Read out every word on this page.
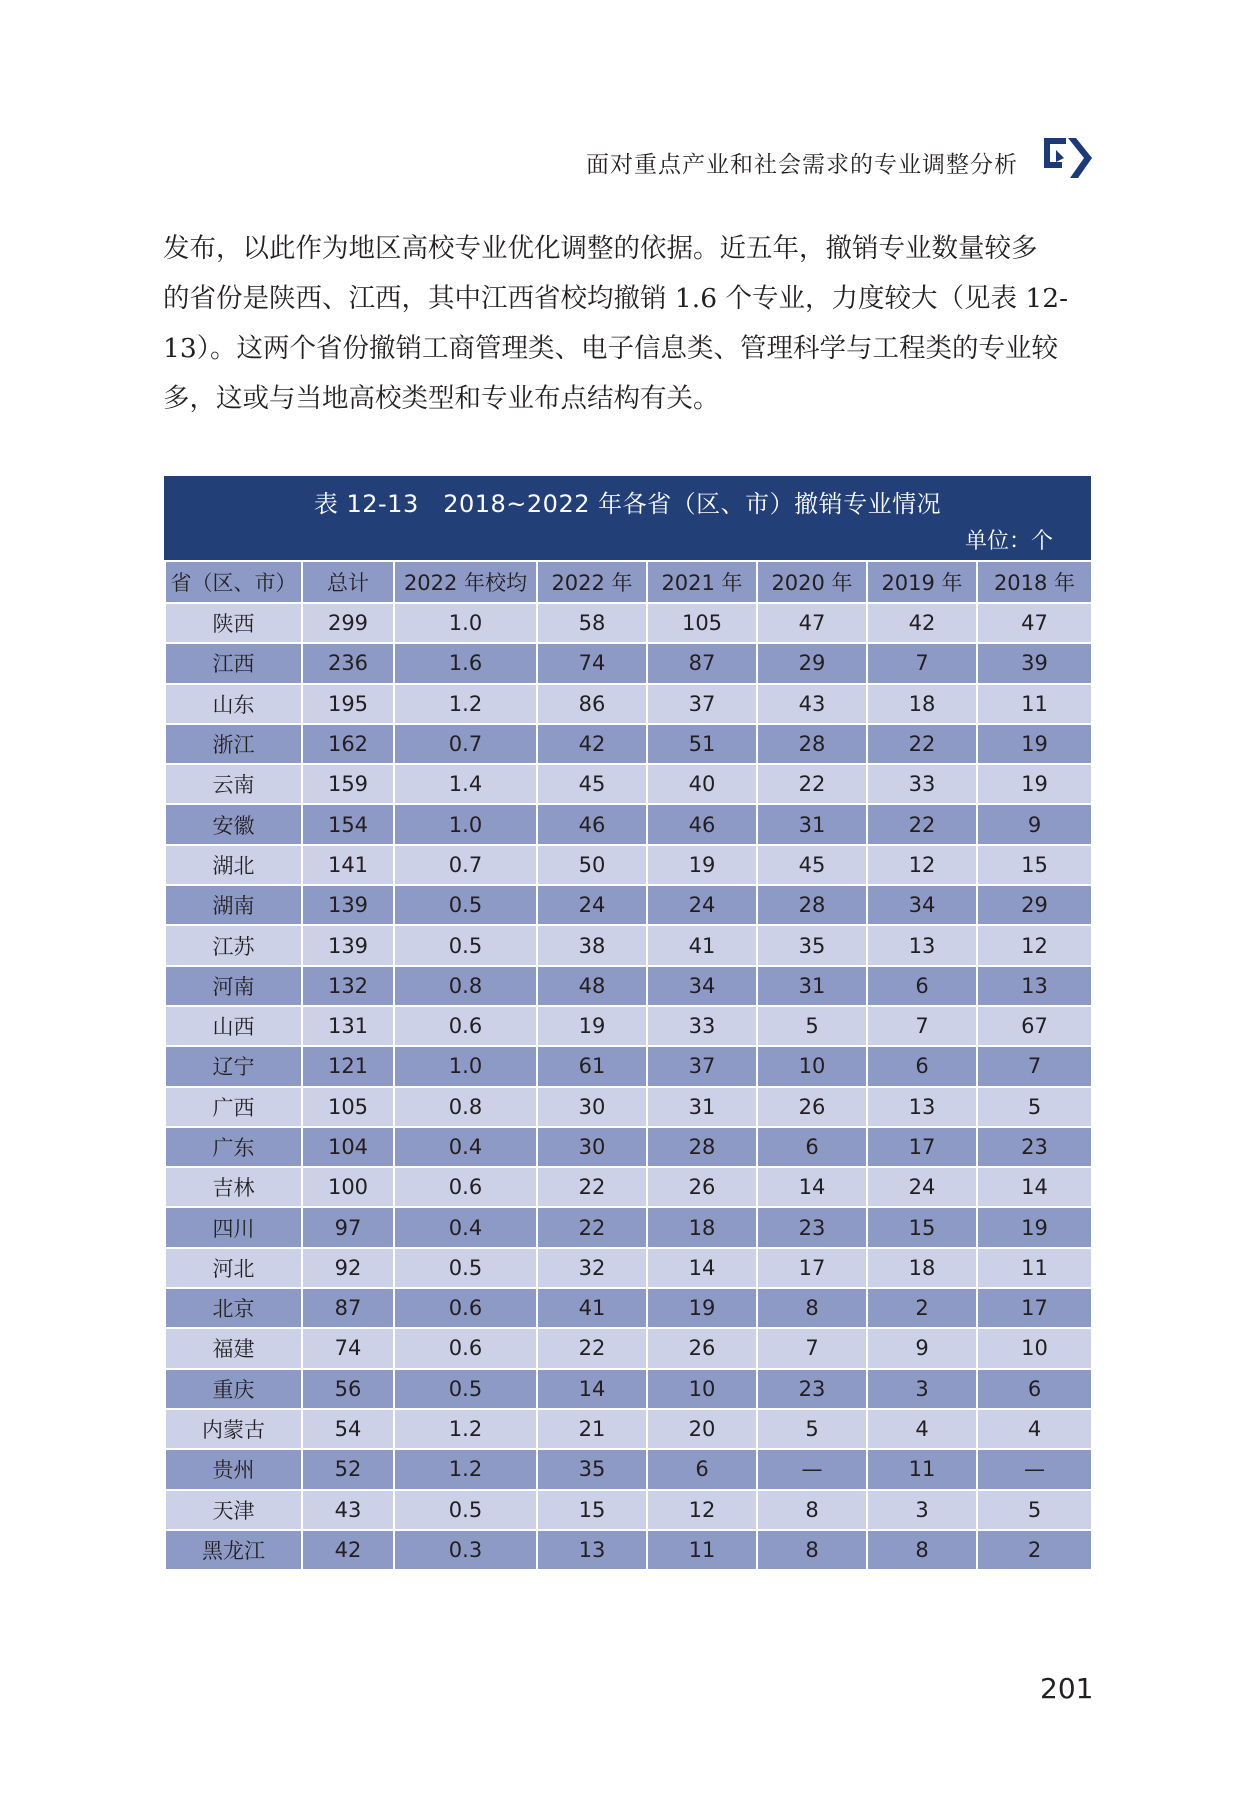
面对重点产业和社会需求的专业调整分析
发布，以此作为地区高校专业优化调整的依据。近五年，撤销专业数量较多
的省份是陕西、江西，其中江西省校均撤销 1.6 个专业，力度较大（见表 12-
13）。这两个省份撤销工商管理类、电子信息类、管理科学与工程类的专业较
多，这或与当地高校类型和专业布点结构有关。
表 12-13　2018~2022 年各省（区、市）撤销专业情况
单位：个
省（区、市）	总计	2022 年校均	2022 年	2021 年	2020 年	2019 年	2018 年
陕西	299	1.0	58	105	47	42	47
江西	236	1.6	74	87	29	7	39
山东	195	1.2	86	37	43	18	11
浙江	162	0.7	42	51	28	22	19
云南	159	1.4	45	40	22	33	19
安徽	154	1.0	46	46	31	22	9
湖北	141	0.7	50	19	45	12	15
湖南	139	0.5	24	24	28	34	29
江苏	139	0.5	38	41	35	13	12
河南	132	0.8	48	34	31	6	13
山西	131	0.6	19	33	5	7	67
辽宁	121	1.0	61	37	10	6	7
广西	105	0.8	30	31	26	13	5
广东	104	0.4	30	28	6	17	23
吉林	100	0.6	22	26	14	24	14
四川	97	0.4	22	18	23	15	19
河北	92	0.5	32	14	17	18	11
北京	87	0.6	41	19	8	2	17
福建	74	0.6	22	26	7	9	10
重庆	56	0.5	14	10	23	3	6
内蒙古	54	1.2	21	20	5	4	4
贵州	52	1.2	35	6	—	11	—
天津	43	0.5	15	12	8	3	5
黑龙江	42	0.3	13	11	8	8	2
201
